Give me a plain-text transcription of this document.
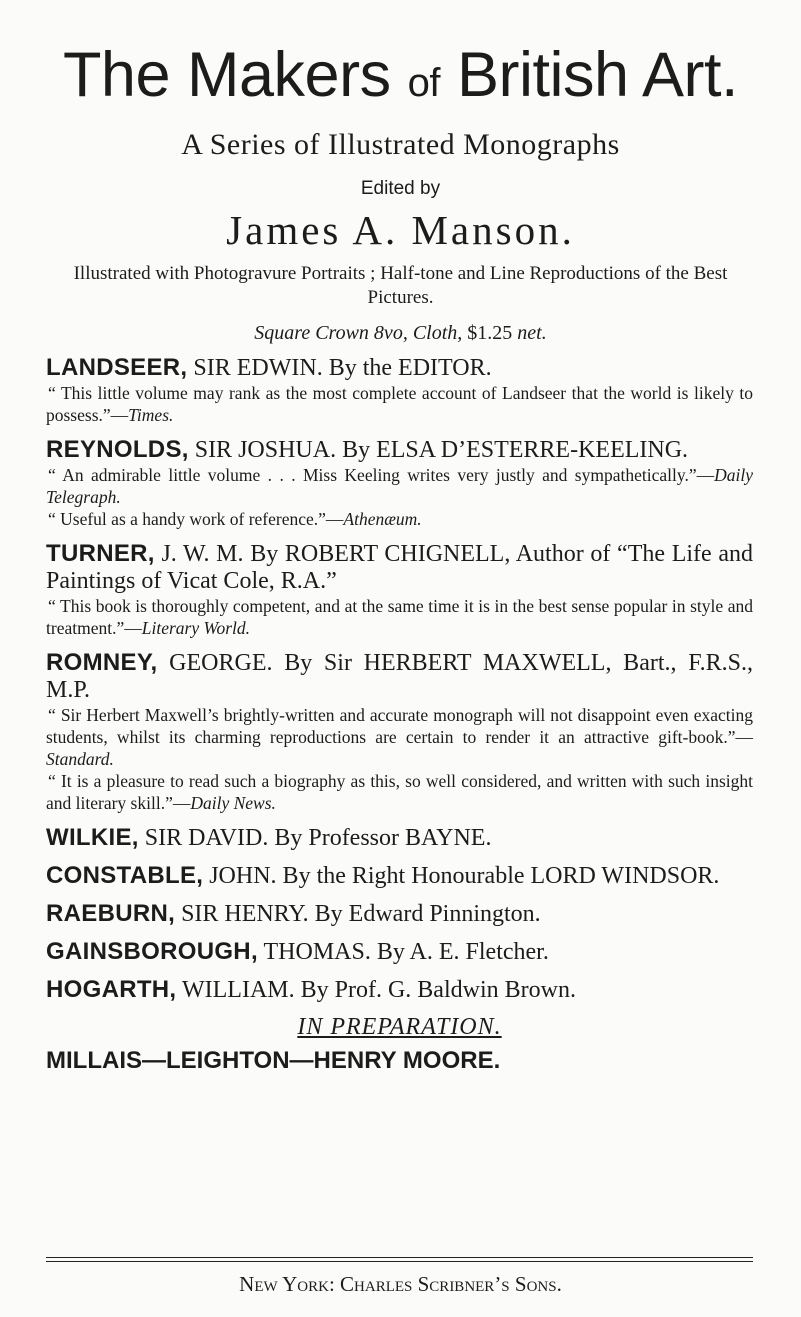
The Makers of British Art.
A Series of Illustrated Monographs
Edited by
James A. Manson.
Illustrated with Photogravure Portraits ; Half-tone and Line Reproductions of the Best Pictures.
Square Crown 8vo, Cloth, $1.25 net.
LANDSEER, SIR EDWIN. By the EDITOR.
“ This little volume may rank as the most complete account of Landseer that the world is likely to possess.”—Times.
REYNOLDS, SIR JOSHUA. By ELSA D’ESTERRE-KEELING.
“ An admirable little volume . . . Miss Keeling writes very justly and sympathetically.”—Daily Telegraph.
“ Useful as a handy work of reference.”—Athenæum.
TURNER, J. W. M. By ROBERT CHIGNELL, Author of “The Life and Paintings of Vicat Cole, R.A.”
“ This book is thoroughly competent, and at the same time it is in the best sense popular in style and treatment.”—Literary World.
ROMNEY, GEORGE. By Sir HERBERT MAXWELL, Bart., F.R.S., M.P.
“ Sir Herbert Maxwell’s brightly-written and accurate monograph will not disappoint even exacting students, whilst its charming reproductions are certain to render it an attractive gift-book.”—Standard.
“ It is a pleasure to read such a biography as this, so well considered, and written with such insight and literary skill.”—Daily News.
WILKIE, SIR DAVID. By Professor BAYNE.
CONSTABLE, JOHN. By the Right Honourable LORD WINDSOR.
RAEBURN, SIR HENRY. By Edward Pinnington.
GAINSBOROUGH, THOMAS. By A. E. Fletcher.
HOGARTH, WILLIAM. By Prof. G. Baldwin Brown.
IN PREPARATION.
MILLAIS—LEIGHTON—HENRY MOORE.
New York: Charles Scribner’s Sons.
